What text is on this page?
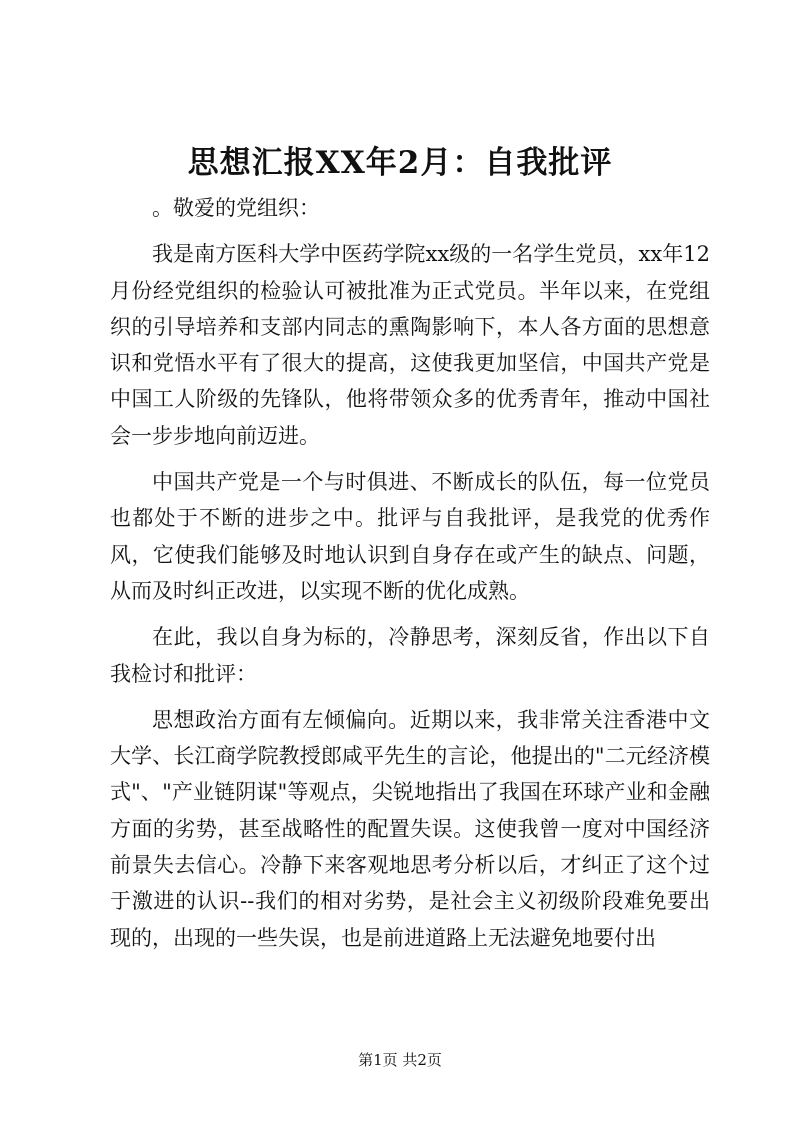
思想汇报XX年2月：自我批评

。敬爱的党组织：

我是南方医科大学中医药学院xx级的一名学生党员，xx年12月份经党组织的检验认可被批准为正式党员。半年以来，在党组织的引导培养和支部内同志的熏陶影响下，本人各方面的思想意识和党悟水平有了很大的提高，这使我更加坚信，中国共产党是中国工人阶级的先锋队，他将带领众多的优秀青年，推动中国社会一步步地向前迈进。

中国共产党是一个与时俱进、不断成长的队伍，每一位党员也都处于不断的进步之中。批评与自我批评，是我党的优秀作风，它使我们能够及时地认识到自身存在或产生的缺点、问题，从而及时纠正改进，以实现不断的优化成熟。

在此，我以自身为标的，冷静思考，深刻反省，作出以下自我检讨和批评：

思想政治方面有左倾偏向。近期以来，我非常关注香港中文大学、长江商学院教授郎咸平先生的言论，他提出的"二元经济模式"、"产业链阴谋"等观点，尖锐地指出了我国在环球产业和金融方面的劣势，甚至战略性的配置失误。这使我曾一度对中国经济前景失去信心。冷静下来客观地思考分析以后，才纠正了这个过于激进的认识--我们的相对劣势，是社会主义初级阶段难免要出现的，出现的一些失误，也是前进道路上无法避免地要付出

第1页 共2页
